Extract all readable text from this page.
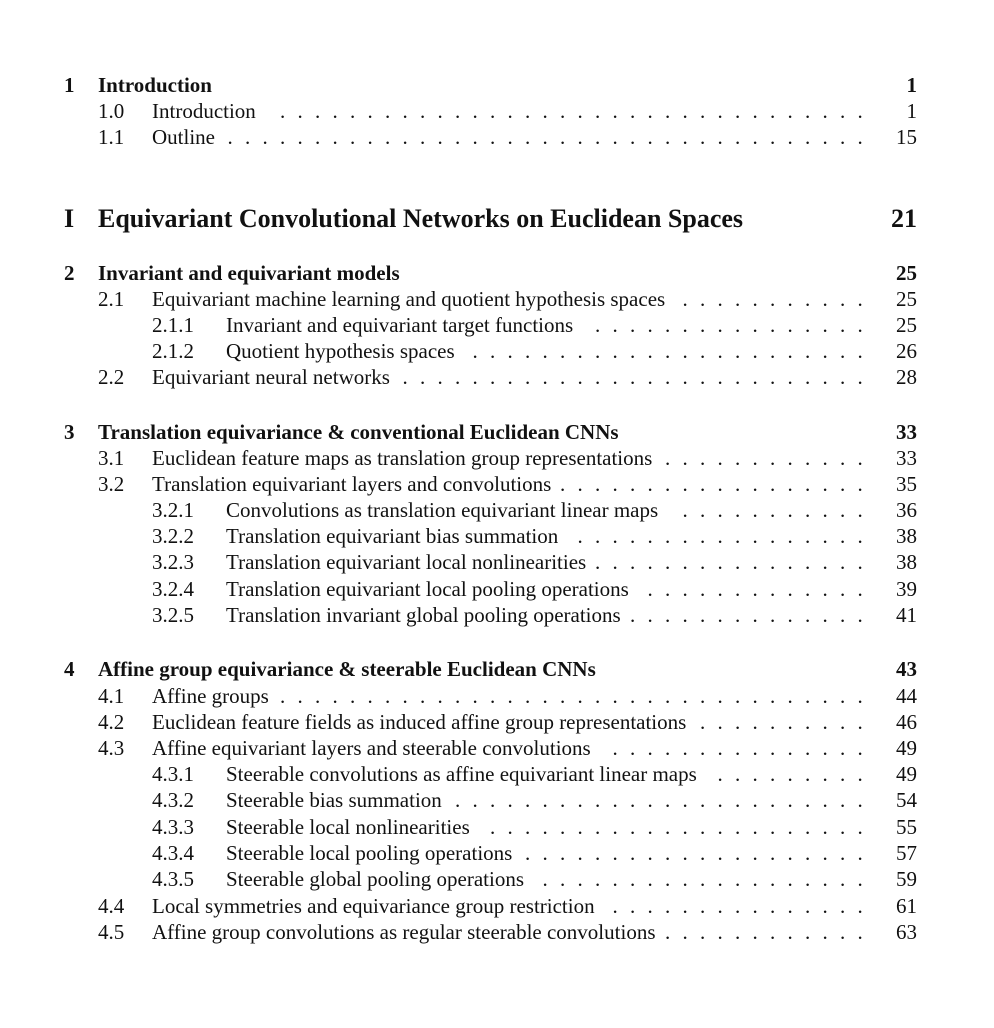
1 Introduction	1
1.0 Introduction	1
. . . . . . . . . . . . . . . . . . . . . . . . . . . . . . . . . .
1.1 Outline	15
. . . . . . . . . . . . . . . . . . . . . . . . . . . . . . . . . . . . .
I Equivariant Convolutional Networks on Euclidean Spaces	21
2 Invariant and equivariant models	25
2.1 Equivariant machine learning and quotient hypothesis spaces	25
. . . . . . . . . . .
2.1.1 Invariant and equivariant target functions	25
. . . . . . . . . . . . . . . .
2.1.2 Quotient hypothesis spaces	26
. . . . . . . . . . . . . . . . . . . . . . .
2.2 Equivariant neural networks	28
. . . . . . . . . . . . . . . . . . . . . . . . . . .
3 Translation equivariance & conventional Euclidean CNNs	33
3.1 Euclidean feature maps as translation group representations	33
. . . . . . . . . . . .
3.2 Translation equivariant layers and convolutions	35
. . . . . . . . . . . . . . . . . .
3.2.1 Convolutions as translation equivariant linear maps	36
. . . . . . . . . . .
3.2.2 Translation equivariant bias summation	38
. . . . . . . . . . . . . . . . .
3.2.3 Translation equivariant local nonlinearities	38
. . . . . . . . . . . . . . . .
3.2.4 Translation equivariant local pooling operations	39
. . . . . . . . . . . . .
3.2.5 Translation invariant global pooling operations	41
. . . . . . . . . . . . . .
4 Affine group equivariance & steerable Euclidean CNNs	43
4.1 Affine groups	44
. . . . . . . . . . . . . . . . . . . . . . . . . . . . . . . . . .
4.2 Euclidean feature fields as induced affine group representations	46
. . . . . . . . . .
4.3 Affine equivariant layers and steerable convolutions	49
. . . . . . . . . . . . . . .
4.3.1 Steerable convolutions as affine equivariant linear maps	49
. . . . . . . . .
4.3.2 Steerable bias summation	54
. . . . . . . . . . . . . . . . . . . . . . . .
4.3.3 Steerable local nonlinearities	55
. . . . . . . . . . . . . . . . . . . . . .
4.3.4 Steerable local pooling operations	57
. . . . . . . . . . . . . . . . . . . .
4.3.5 Steerable global pooling operations	59
. . . . . . . . . . . . . . . . . . .
4.4 Local symmetries and equivariance group restriction	61
. . . . . . . . . . . . . . .
4.5 Affine group convolutions as regular steerable convolutions	63
. . . . . . . . . . . .
